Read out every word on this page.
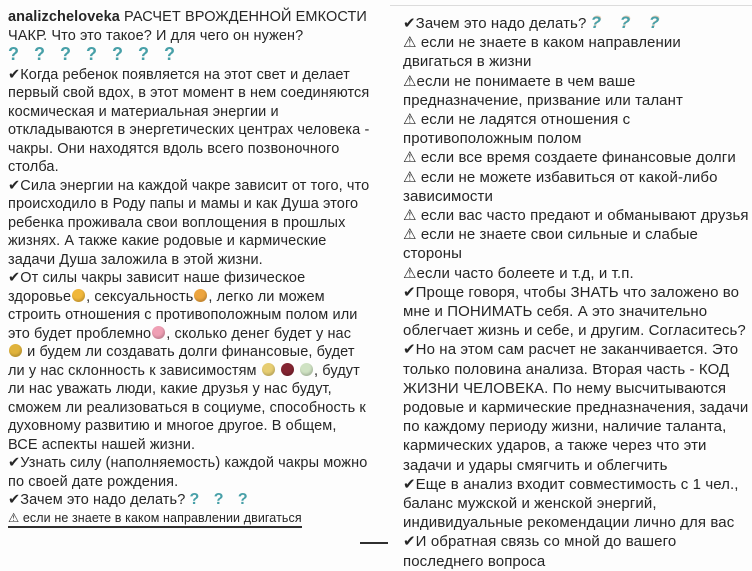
analizcheloveka РАСЧЕТ ВРОЖДЕННОЙ ЕМКОСТИ ЧАКР. Что это такое? И для чего он нужен?
? ? ? ? ? ? ?
✔Когда ребенок появляется на этот свет и делает первый свой вдох, в этот момент в нем соединяются космическая и материальная энергии и откладываются в энергетических центрах человека - чакры. Они находятся вдоль всего позвоночного столба.
✔Сила энергии на каждой чакре зависит от того, что происходило в Роду папы и мамы и как Душа этого ребенка проживала свои воплощения в прошлых жизнях. А также какие родовые и кармические задачи Душа заложила в этой жизни.
✔От силы чакры зависит наше физическое здоровье , сексуальность , легко ли можем строить отношения с противоположным полом или это будет проблемно , сколько денег будет у нас  и будем ли создавать долги финансовые, будет ли у нас склонность к зависимостям	, будут ли нас уважать люди, какие друзья у нас будут, сможем ли реализоваться в социуме, способность к духовному развитию и многое другое. В общем, ВСЕ аспекты нашей жизни.
✔Узнать силу (наполняемость) каждой чакры можно по своей дате рождения.
✔Зачем это надо делать? ? ? ?
⚠ если не знаете в каком направлении двигаться
✔Зачем это надо делать? ? ? ?
⚠ если не знаете в каком направлении двигаться в жизни
⚠если не понимаете в чем ваше предназначение, призвание или талант
⚠ если не ладятся отношения с противоположным полом
⚠ если все время создаете финансовые долги
⚠ если не можете избавиться от какой-либо зависимости
⚠ если вас часто предают и обманывают друзья
⚠ если не знаете свои сильные и слабые стороны
⚠если часто болеете и т.д, и т.п.
✔Проще говоря, чтобы ЗНАТЬ что заложено во мне и ПОНИМАТЬ себя. А это значительно облегчает жизнь и себе, и другим. Согласитесь?
✔Но на этом сам расчет не заканчивается. Это только половина анализа. Вторая часть - КОД ЖИЗНИ ЧЕЛОВЕКА. По нему высчитываются родовые и кармические предназначения, задачи по каждому периоду жизни, наличие таланта, кармических ударов, а также через что эти задачи и удары смягчить и облегчить
✔Еще в анализ входит совместимость с 1 чел., баланс мужской и женской энергий, индивидуальные рекомендации лично для вас
✔И обратная связь со мной до вашего последнего вопроса
